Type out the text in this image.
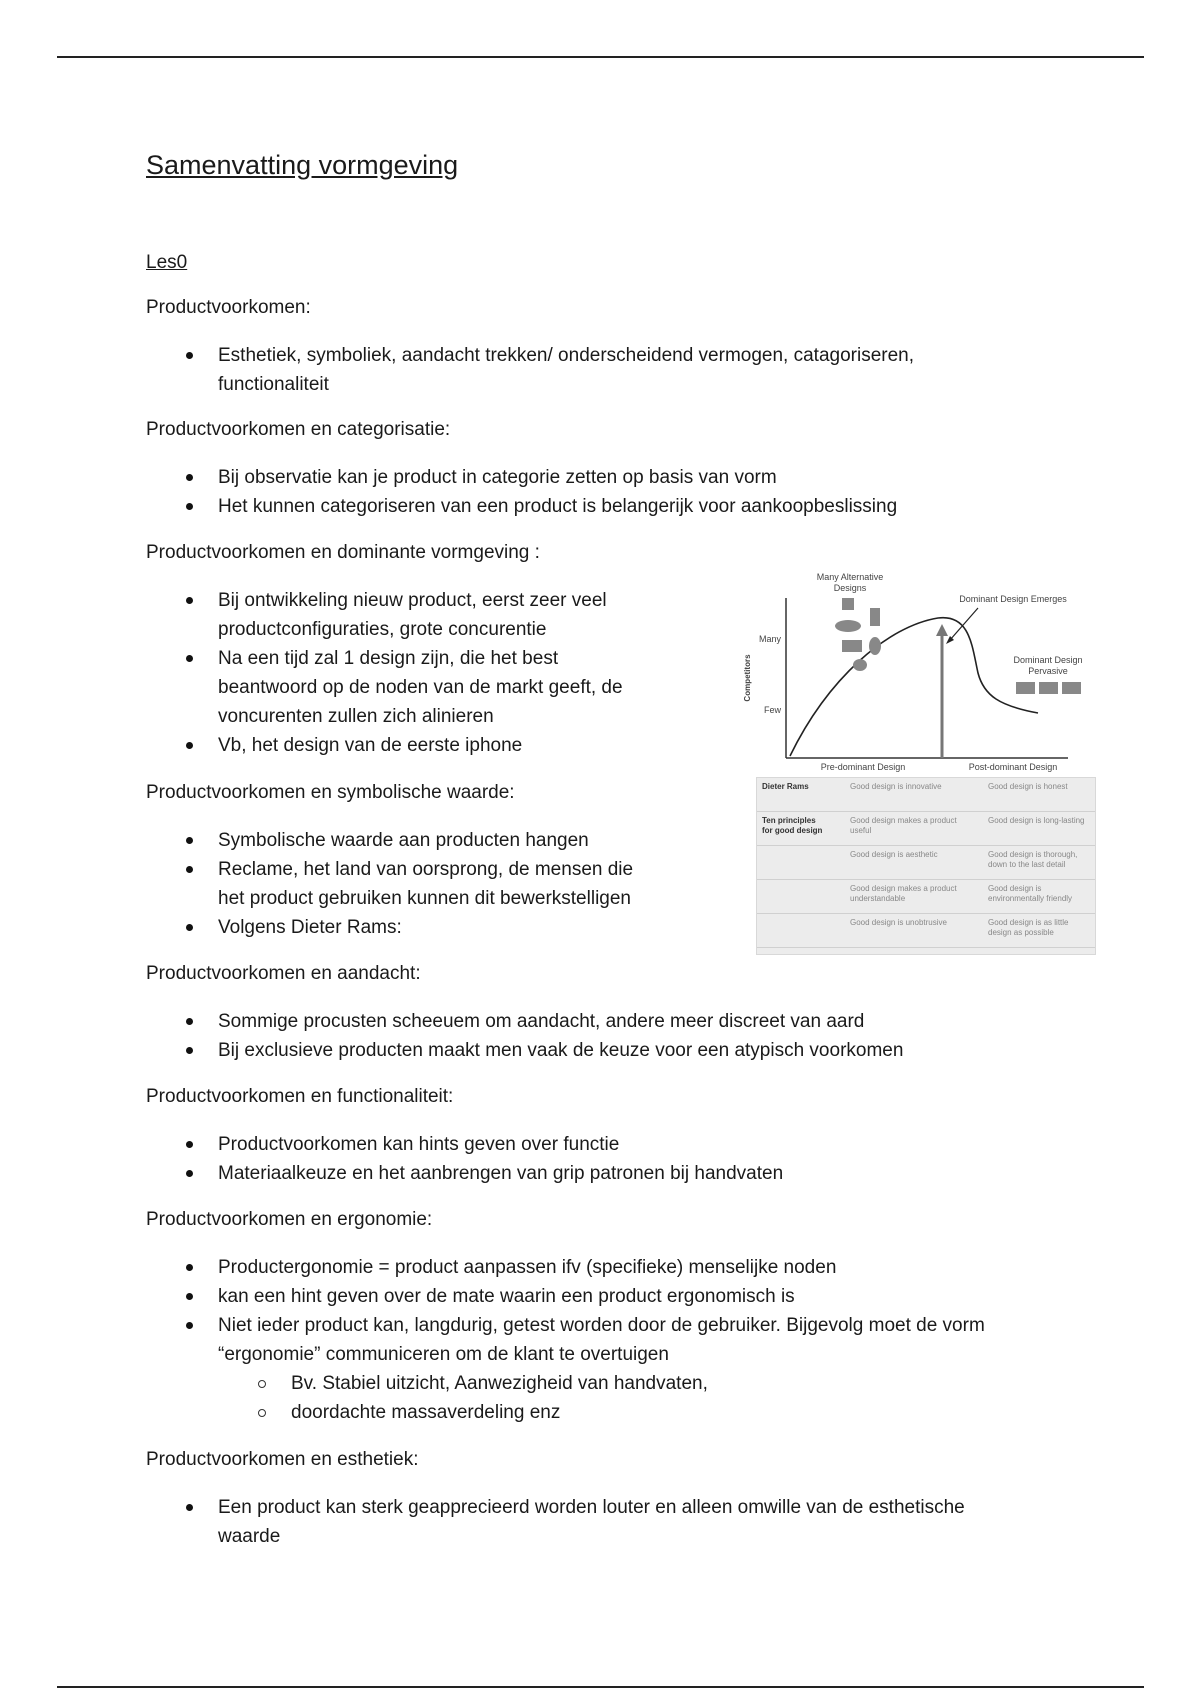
Samenvatting vormgeving
Les0
Productvoorkomen:
Esthetiek, symboliek, aandacht trekken/ onderscheidend vermogen, catagoriseren, functionaliteit
Productvoorkomen en categorisatie:
Bij observatie kan je product in categorie zetten op basis van vorm
Het kunnen categoriseren van een product is belangerijk voor aankoopbeslissing
Productvoorkomen en dominante vormgeving :
Bij ontwikkeling nieuw product, eerst zeer veel productconfiguraties, grote concurentie
Na een tijd zal 1 design zijn, die het best beantwoord op de noden van de markt geeft, de voncurenten zullen zich alinieren
Vb, het design van de eerste iphone
Productvoorkomen en symbolische waarde:
Symbolische waarde aan producten hangen
Reclame, het land van oorsprong, de mensen die het product gebruiken kunnen dit bewerkstelligen
Volgens Dieter Rams:
Productvoorkomen en aandacht:
Sommige procusten scheeuem om aandacht, andere meer discreet van aard
Bij exclusieve producten maakt men vaak de keuze voor een atypisch voorkomen
Productvoorkomen en functionaliteit:
Productvoorkomen kan hints geven over functie
Materiaalkeuze en het aanbrengen van grip patronen bij handvaten
Productvoorkomen en ergonomie:
Productergonomie = product aanpassen ifv (specifieke) menselijke noden
kan een hint geven over de mate waarin een product ergonomisch is
Niet ieder product kan, langdurig, getest worden door de gebruiker. Bijgevolg moet de vorm “ergonomie” communiceren om de klant te overtuigen
Bv. Stabiel uitzicht, Aanwezigheid van handvaten,
doordachte massaverdeling enz
Productvoorkomen en esthetiek:
Een product kan sterk geapprecieerd worden louter en alleen omwille van de esthetische waarde
Many Alternative
Designs
Dominant Design Emerges
Dominant Design
Pervasive
Competitors
Many
Few
Pre-dominant Design	Post-dominant Design
Dieter Rams	Good design is innovative	Good design is honest
Ten principles
for good design	Good design makes a product useful	Good design is long-lasting
	Good design is aesthetic	Good design is thorough, down to the last detail
	Good design makes a product understandable	Good design is environmentally friendly
	Good design is unobtrusive	Good design is as little design as possible
